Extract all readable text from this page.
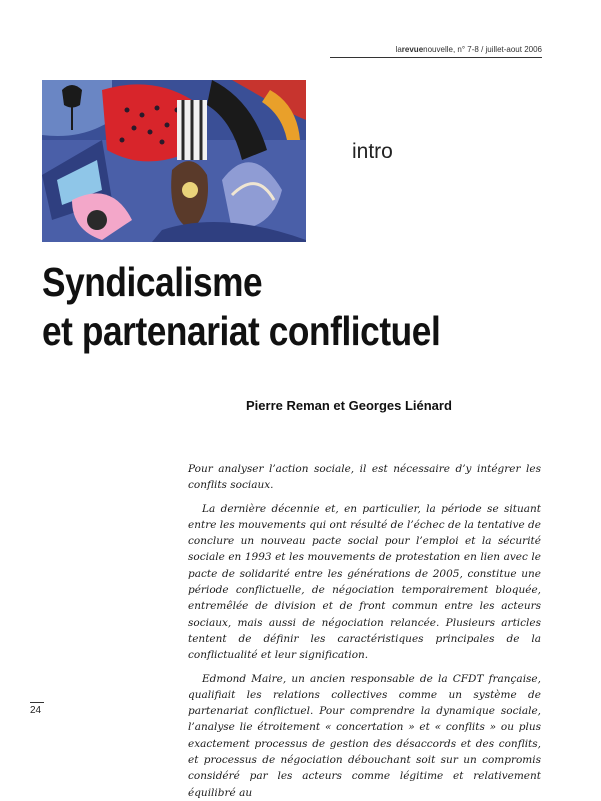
larevuenouvelle, n° 7-8 / juillet-aout 2006
intro
Syndicalisme
et partenariat conflictuel
Pierre Reman et Georges Liénard

Pour analyser l’action sociale, il est nécessaire d’y intégrer les conflits sociaux.

La dernière décennie et, en particulier, la période se situant entre les mouvements qui ont résulté de l’échec de la tentative de conclure un nouveau pacte social pour l’emploi et la sécurité sociale en 1993 et les mouvements de protestation en lien avec le pacte de solidarité entre les générations de 2005, constitue une période conflictuelle, de négociation temporairement bloquée, entremêlée de division et de front commun entre les acteurs sociaux, mais aussi de négociation relancée. Plusieurs articles tentent de définir les caractéristiques principales de la conflictualité et leur signification.

Edmond Maire, un ancien responsable de la CFDT française, qualifiait les relations collectives comme un système de partenariat conflictuel. Pour comprendre la dynamique sociale, l’analyse lie étroitement « concertation » et « conflits » ou plus exactement processus de gestion des désaccords et des conflits, et processus de négociation débouchant soit sur un compromis considéré par les acteurs comme légitime et relativement équilibré au

24
